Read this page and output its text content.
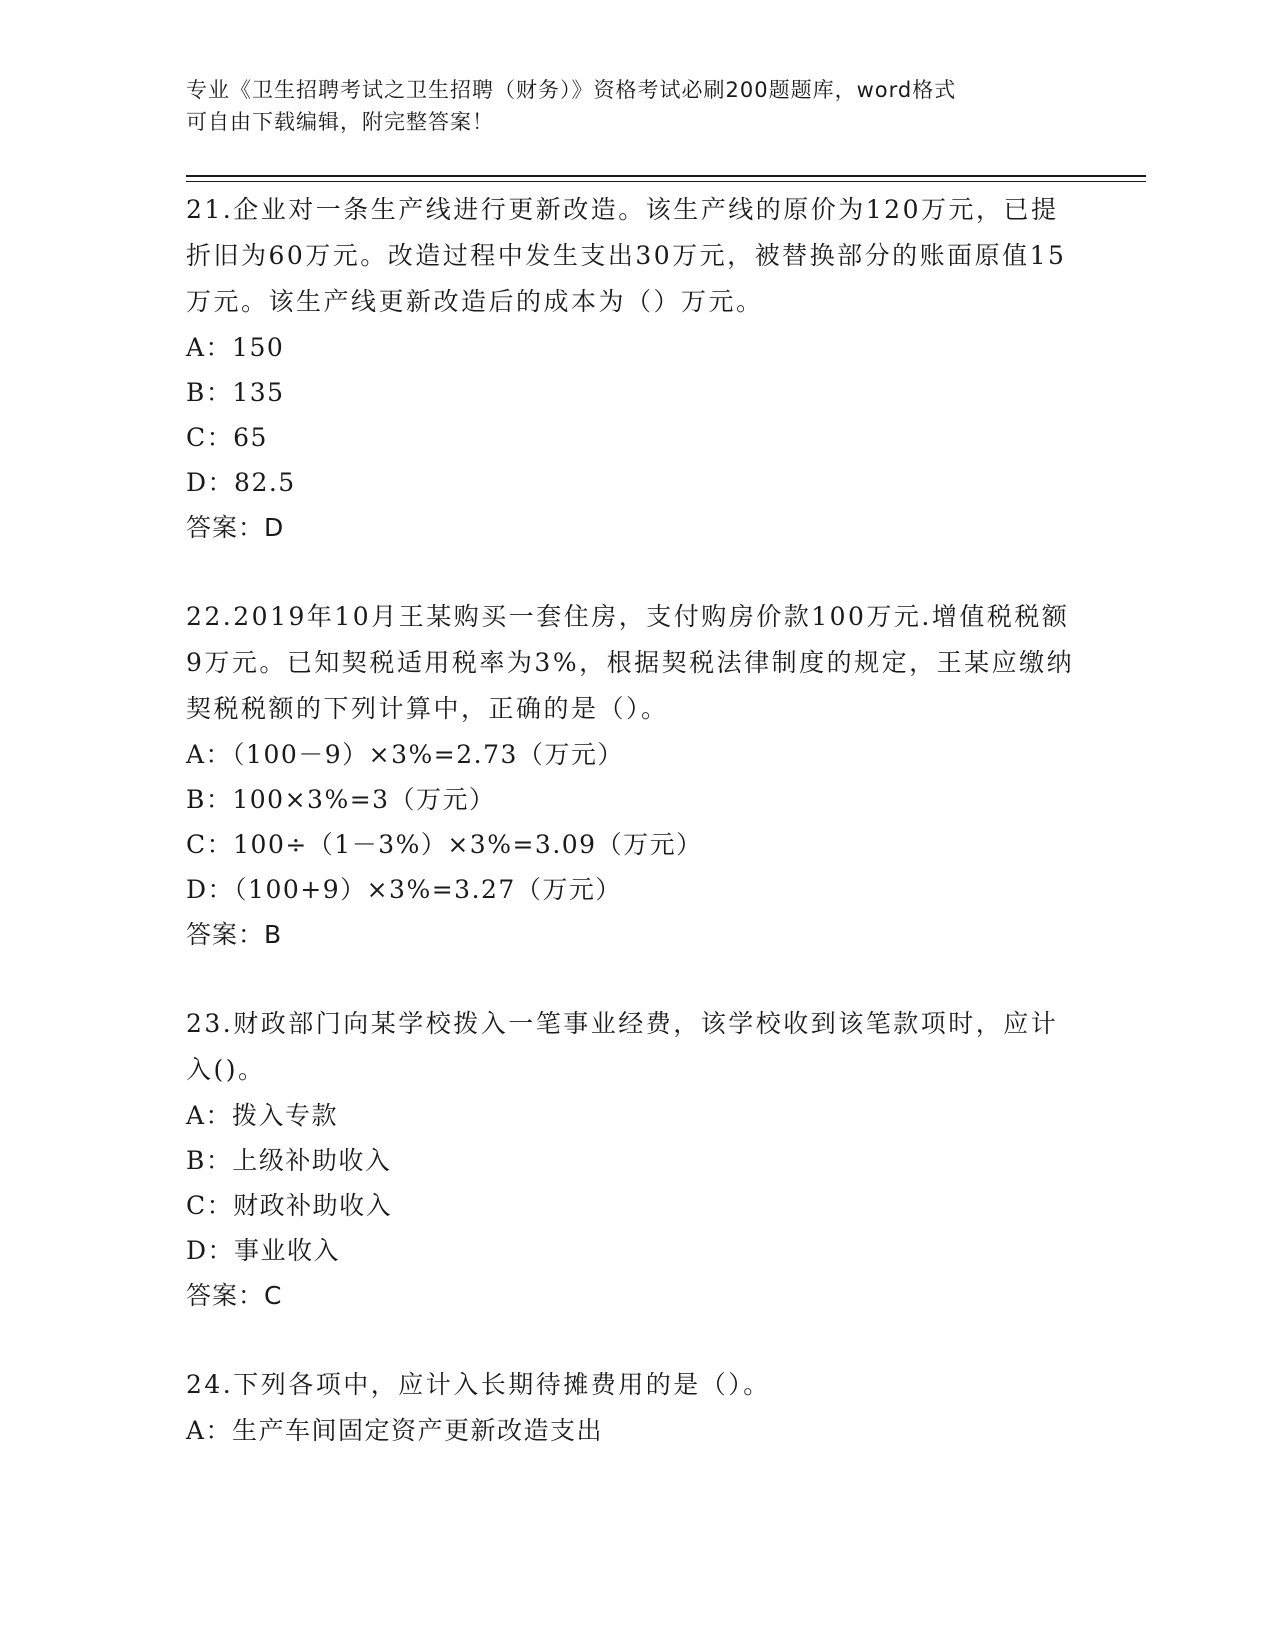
专业《卫生招聘考试之卫生招聘（财务）》资格考试必刷200题题库，word格式
可自由下载编辑，附完整答案！

21.企业对一条生产线进行更新改造。该生产线的原价为120万元，已提折旧为60万元。改造过程中发生支出30万元，被替换部分的账面原值15万元。该生产线更新改造后的成本为（）万元。

A：150

B：135

C：65

D：82.5

答案：D

22.2019年10月王某购买一套住房，支付购房价款100万元.增值税税额9万元。已知契税适用税率为3%，根据契税法律制度的规定，王某应缴纳契税税额的下列计算中，正确的是（）。

A：（100－9）×3%=2.73（万元）

B：100×3%=3（万元）

C：100÷（1－3%）×3%=3.09（万元）

D：（100+9）×3%=3.27（万元）

答案：B

23.财政部门向某学校拨入一笔事业经费，该学校收到该笔款项时，应计入()。

A：拨入专款

B：上级补助收入

C：财政补助收入

D：事业收入

答案：C

24.下列各项中，应计入长期待摊费用的是（）。

A：生产车间固定资产更新改造支出
